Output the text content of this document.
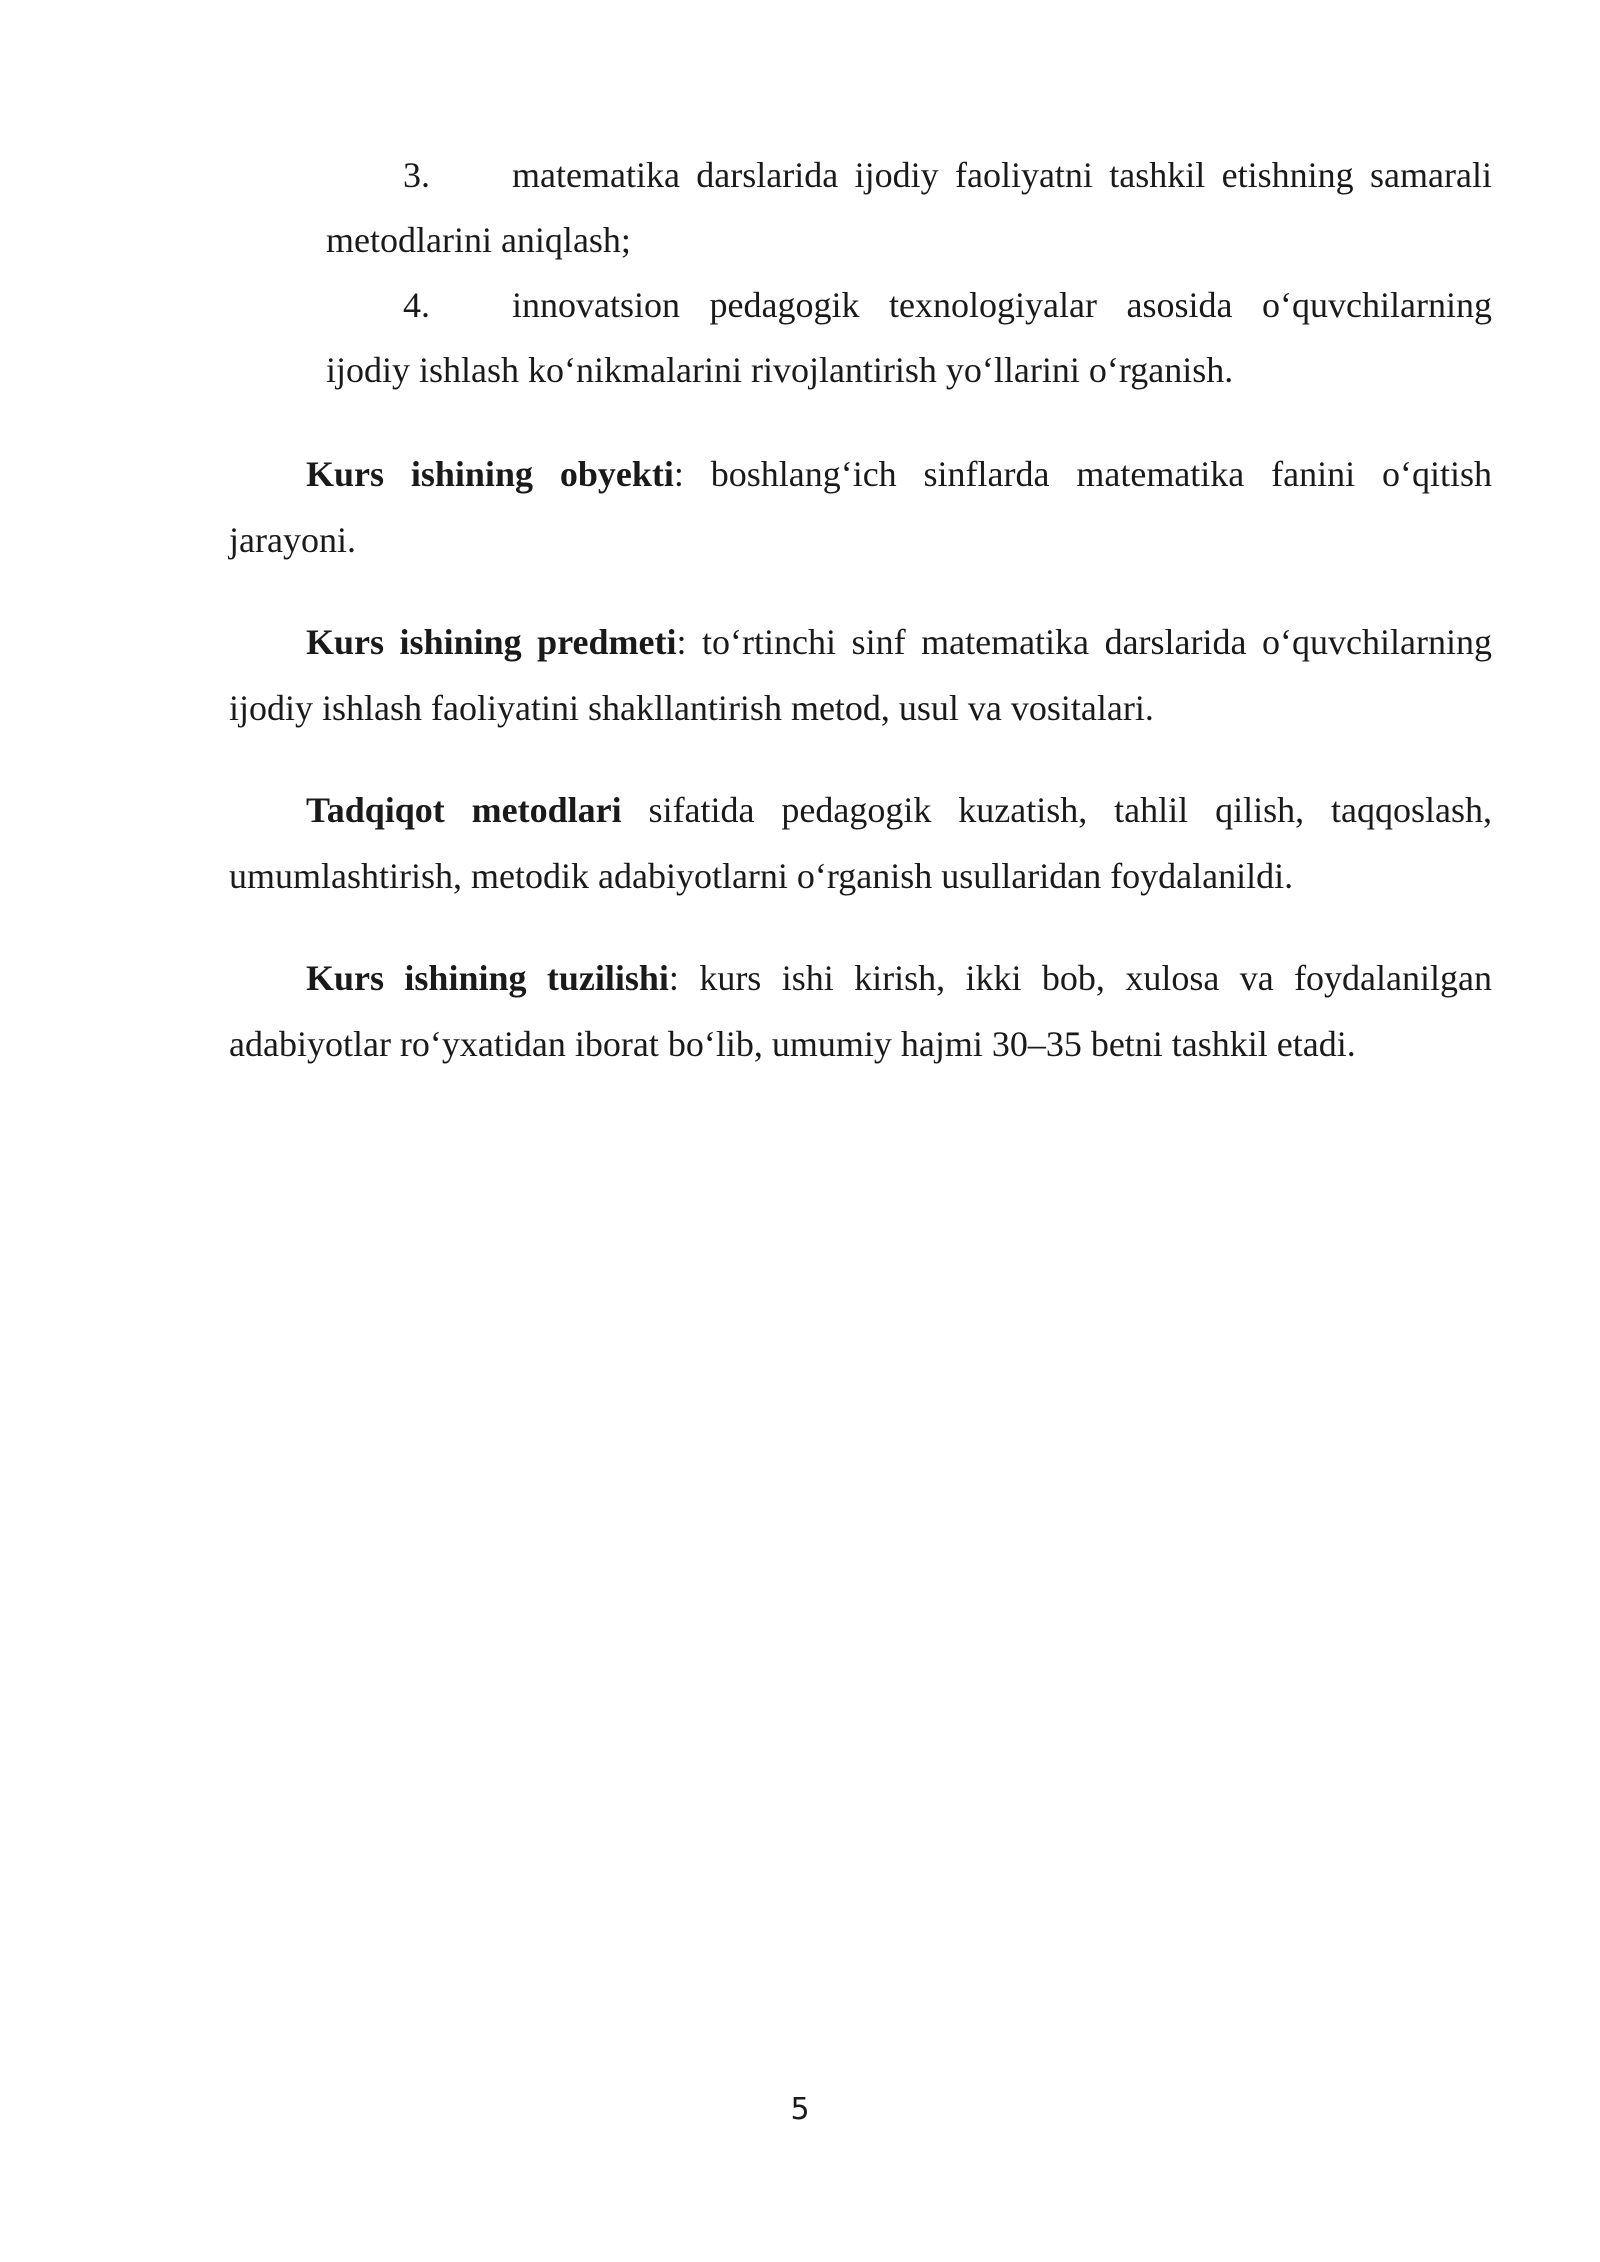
3.	matematika darslarida ijodiy faoliyatni tashkil etishning samarali
metodlarini aniqlash;
4.	innovatsion pedagogik texnologiyalar asosida o‘quvchilarning
ijodiy ishlash ko‘nikmalarini rivojlantirish yo‘llarini o‘rganish.

Kurs ishining obyekti: boshlang‘ich sinflarda matematika fanini o‘qitish jarayoni.

Kurs ishining predmeti: to‘rtinchi sinf matematika darslarida o‘quvchilarning ijodiy ishlash faoliyatini shakllantirish metod, usul va vositalari.

Tadqiqot metodlari sifatida pedagogik kuzatish, tahlil qilish, taqqoslash, umumlashtirish, metodik adabiyotlarni o‘rganish usullaridan foydalanildi.

Kurs ishining tuzilishi: kurs ishi kirish, ikki bob, xulosa va foydalanilgan adabiyotlar ro‘yxatidan iborat bo‘lib, umumiy hajmi 30–35 betni tashkil etadi.

5
